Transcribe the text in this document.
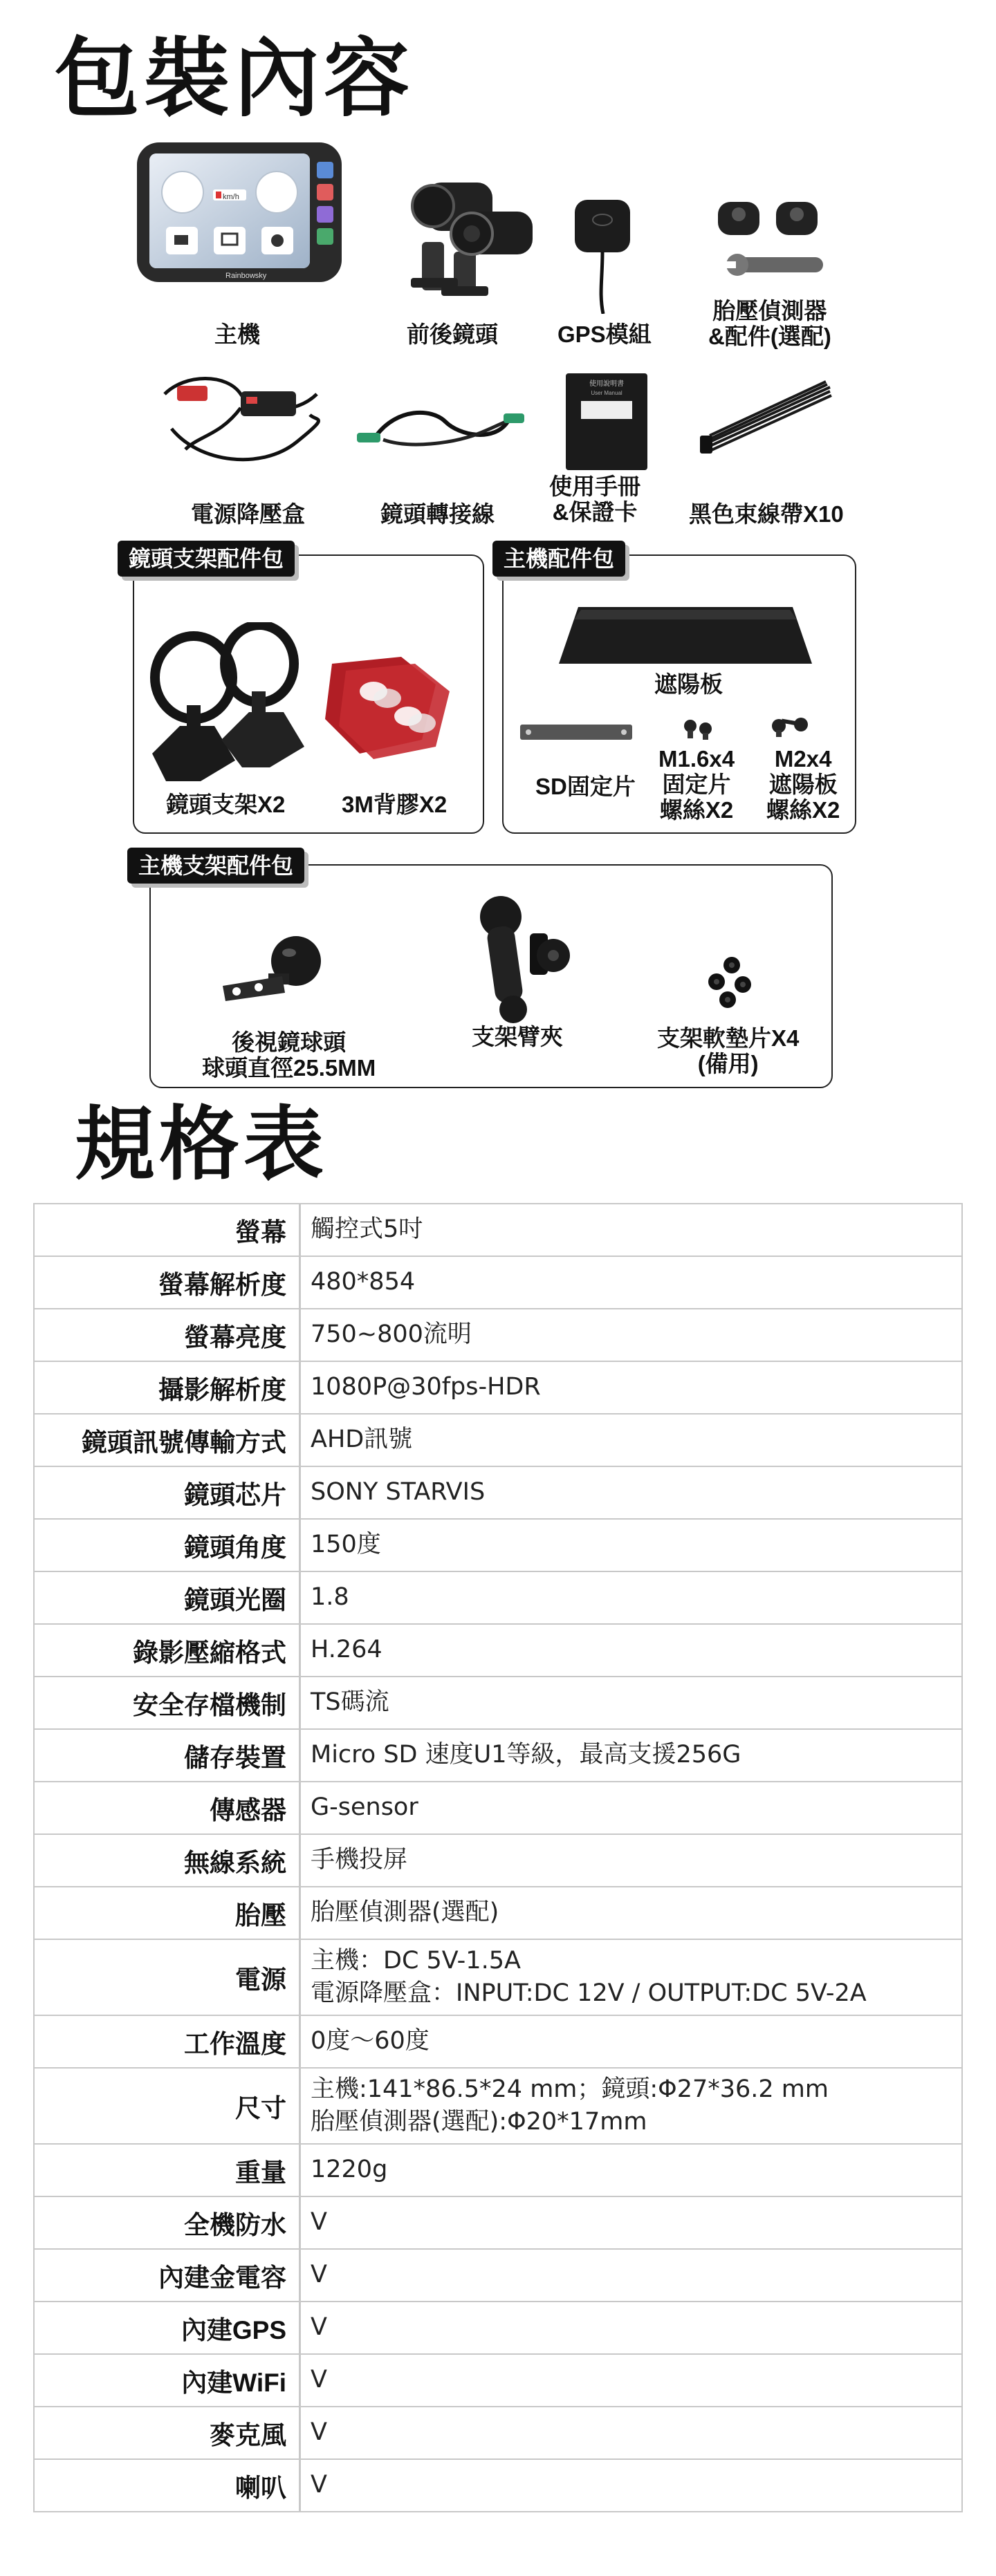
包裝內容
Rainbowsky
km/h
主機	前後鏡頭	GPS模組
胎壓偵測器
&配件(選配)
電源降壓盒	鏡頭轉接線
使用說明書
User Manual
使用手冊
&保證卡 黑色束線帶X10
鏡頭支架配件包
鏡頭支架X2 3M背膠X2
主機配件包
遮陽板
SD固定片
M1.6x4
固定片
螺絲X2
M2x4
遮陽板
螺絲X2
主機支架配件包
後視鏡球頭
球頭直徑25.5MM
支架臂夾	支架軟墊片X4
(備用)
規格表
螢幕	觸控式5吋

螢幕解析度	480*854

螢幕亮度	750~800流明

攝影解析度	1080P@30fps-HDR

鏡頭訊號傳輸方式	AHD訊號

鏡頭芯片	SONY STARVIS

鏡頭角度	150度

鏡頭光圈	1.8

錄影壓縮格式	H.264

安全存檔機制	TS碼流

儲存裝置	Micro SD 速度U1等級，最高支援256G

傳感器	G-sensor

無線系統	手機投屏

胎壓	胎壓偵測器(選配)

電源	主機：DC 5V-1.5A
電源降壓盒：INPUT:DC 12V / OUTPUT:DC 5V-2A

工作溫度	0度～60度

尺寸	主機:141*86.5*24 mm；鏡頭:Φ27*36.2 mm
胎壓偵測器(選配):Φ20*17mm

重量	1220g

全機防水	V

內建金電容	V

內建GPS	V

內建WiFi	V

麥克風	V

喇叭	V
